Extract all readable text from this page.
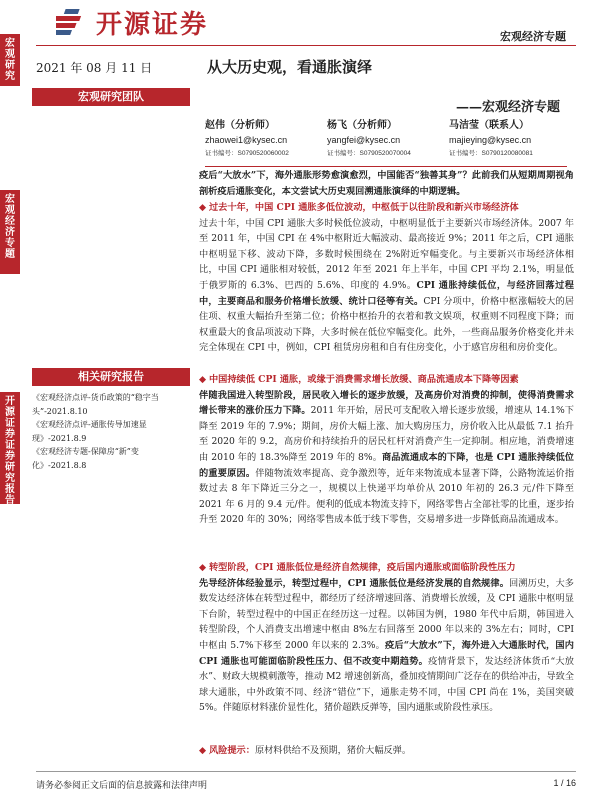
宏观研究
宏观经济专题
开源证券 证券研究报告
开源证券	宏观经济专题
2021 年 08 月 11 日	从大历史观，看通胀演绎
——宏观经济专题
宏观研究团队
赵伟（分析师）
zhaowei1@kysec.cn
证书编号：S0790520060002
杨飞（分析师）
yangfei@kysec.cn
证书编号：S0790520070004
马洁莹（联系人）
majieying@kysec.cn
证书编号：S0790120080081
疫后“大放水”下，海外通胀形势愈演愈烈，中国能否“独善其身”？此前我们从短期周期视角剖析疫后通胀变化，本文尝试大历史观回溯通胀演绎的中期逻辑。
◆ 过去十年，中国 CPI 通胀多低位波动，中枢低于以往阶段和新兴市场经济体
过去十年，中国 CPI 通胀大多时候低位波动，中枢明显低于主要新兴市场经济体。2007 年至 2011 年，中国 CPI 在 4%中枢附近大幅波动、最高接近 9%；2011 年之后，CPI 通胀中枢明显下移、波动下降，多数时候围绕在 2%附近窄幅变化。与主要新兴市场经济体相比，中国 CPI 通胀相对较低，2012 年至 2021 年上半年，中国 CPI 平均 2.1%，明显低于俄罗斯的 6.3%、巴西的 5.6%、印度的 4.9%。CPI 通胀持续低位，与经济回落过程中，主要商品和服务价格增长放缓、统计口径等有关。CPI 分项中，价格中枢涨幅较大的居住项、权重大幅抬升至第二位；价格中枢抬升的衣着和教文娱项，权重则不同程度下降；而权重最大的食品项波动下降，大多时候在低位窄幅变化。此外，一些商品服务价格变化并未完全体现在 CPI 中，例如，CPI 租赁房房租和自有住房变化，小于感官房租和房价变化。
◆ 中国持续低 CPI 通胀，或缘于消费需求增长放缓、商品流通成本下降等因素
伴随我国进入转型阶段，居民收入增长的逐步放缓，及高房价对消费的抑制，使得消费需求增长带来的涨价压力下降。2011 年开始，居民可支配收入增长逐步放缓，增速从 14.1%下降至 2019 年的 7.9%；期间，房价大幅上涨、加大购房压力，房价收入比从最低 7.1 抬升至 2020 年的 9.2，高房价和持续抬升的居民杠杆对消费产生一定抑制。相应地，消费增速由 2010 年的 18.3%降至 2019 年的 8%。商品流通成本的下降，也是 CPI 通胀持续低位的重要原因。伴随物流效率提高、竞争激烈等，近年来物流成本显著下降，公路物流运价指数过去 8 年下降近三分之一，规模以上快递平均单价从 2010 年初的 26.3 元/件下降至 2021 年 6 月的 9.4 元/件。便利的低成本物流支持下，网络零售占全部社零的比重，逐步抬升至 2020 年的 30%；网络零售成本低于线下零售，交易增多进一步降低商品流通成本。
◆ 转型阶段，CPI 通胀低位是经济自然规律，疫后国内通胀或面临阶段性压力
先导经济体经验显示，转型过程中，CPI 通胀低位是经济发展的自然规律。回溯历史，大多数发达经济体在转型过程中，都经历了经济增速回落、消费增长放缓，及 CPI 通胀中枢明显下台阶，转型过程中的中国正在经历这一过程。以韩国为例，1980 年代中后期，韩国进入转型阶段，个人消费支出增速中枢由 8%左右回落至 2000 年以来的 3%左右；同时，CPI 中枢由 5.7%下移至 2000 年以来的 2.3%。疫后“大放水”下，海外进入大通胀时代，国内 CPI 通胀也可能面临阶段性压力、但不改变中期趋势。疫情背景下，发达经济体货币“大放水”、财政大规模刺激等，推动 M2 增速创新高，叠加疫情期间广泛存在的供给冲击，导致全球大通胀，中外政策不同、经济“错位”下，通胀走势不同，中国 CPI 尚在 1%，美国突破 5%。伴随原材料涨价显性化，猪价超跌反弹等，国内通胀或阶段性承压。
◆ 风险提示：原材料供给不及预期，猪价大幅反弹。
相关研究报告
《宏观经济点评-货币政策的“稳字当头”-2021.8.10
《宏观经济点评-通胀传导加速显现》-2021.8.9
《宏观经济专题-保障房“新”变化》-2021.8.8
请务必参阅正文后面的信息披露和法律声明	1 / 16
